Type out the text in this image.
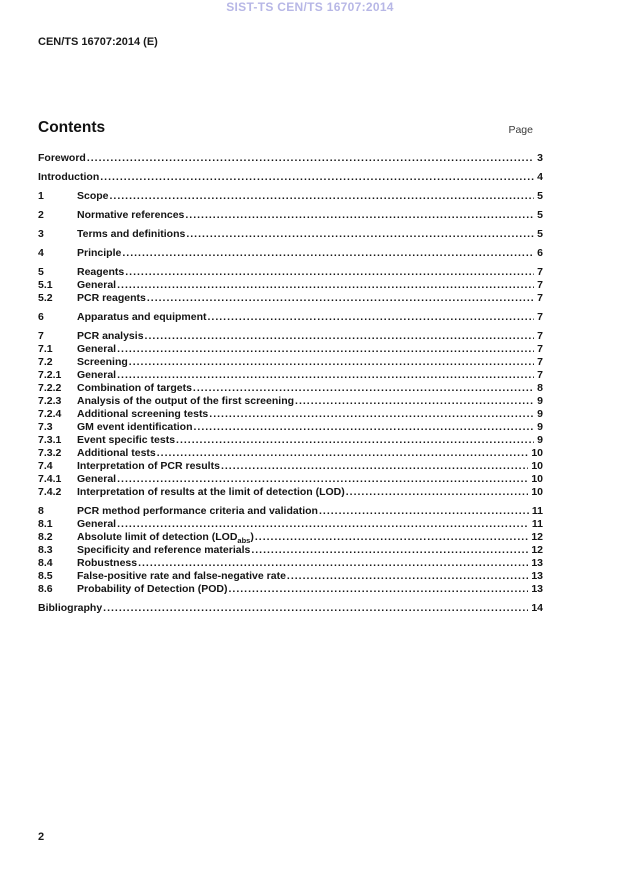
SIST-TS CEN/TS 16707:2014
CEN/TS 16707:2014 (E)
Contents	Page
Foreword .....	3
Introduction .....	4
1	Scope .....	5
2	Normative references .....	5
3	Terms and definitions .....	5
4	Principle .....	6
5	Reagents .....	7
5.1	General .....	7
5.2	PCR reagents .....	7
6	Apparatus and equipment .....	7
7	PCR analysis .....	7
7.1	General .....	7
7.2	Screening .....	7
7.2.1	General .....	7
7.2.2	Combination of targets .....	8
7.2.3	Analysis of the output of the first screening .....	9
7.2.4	Additional screening tests .....	9
7.3	GM event identification .....	9
7.3.1	Event specific tests .....	9
7.3.2	Additional tests .....	10
7.4	Interpretation of PCR results .....	10
7.4.1	General .....	10
7.4.2	Interpretation of results at the limit of detection (LOD) .....	10
8	PCR method performance criteria and validation .....	11
8.1	General .....	11
8.2	Absolute limit of detection $(LOD_{abs})$ .....	12
8.3	Specificity and reference materials .....	12
8.4	Robustness .....	13
8.5	False-positive rate and false-negative rate .....	13
8.6	Probability of Detection (POD) .....	13
Bibliography .....	14
2
